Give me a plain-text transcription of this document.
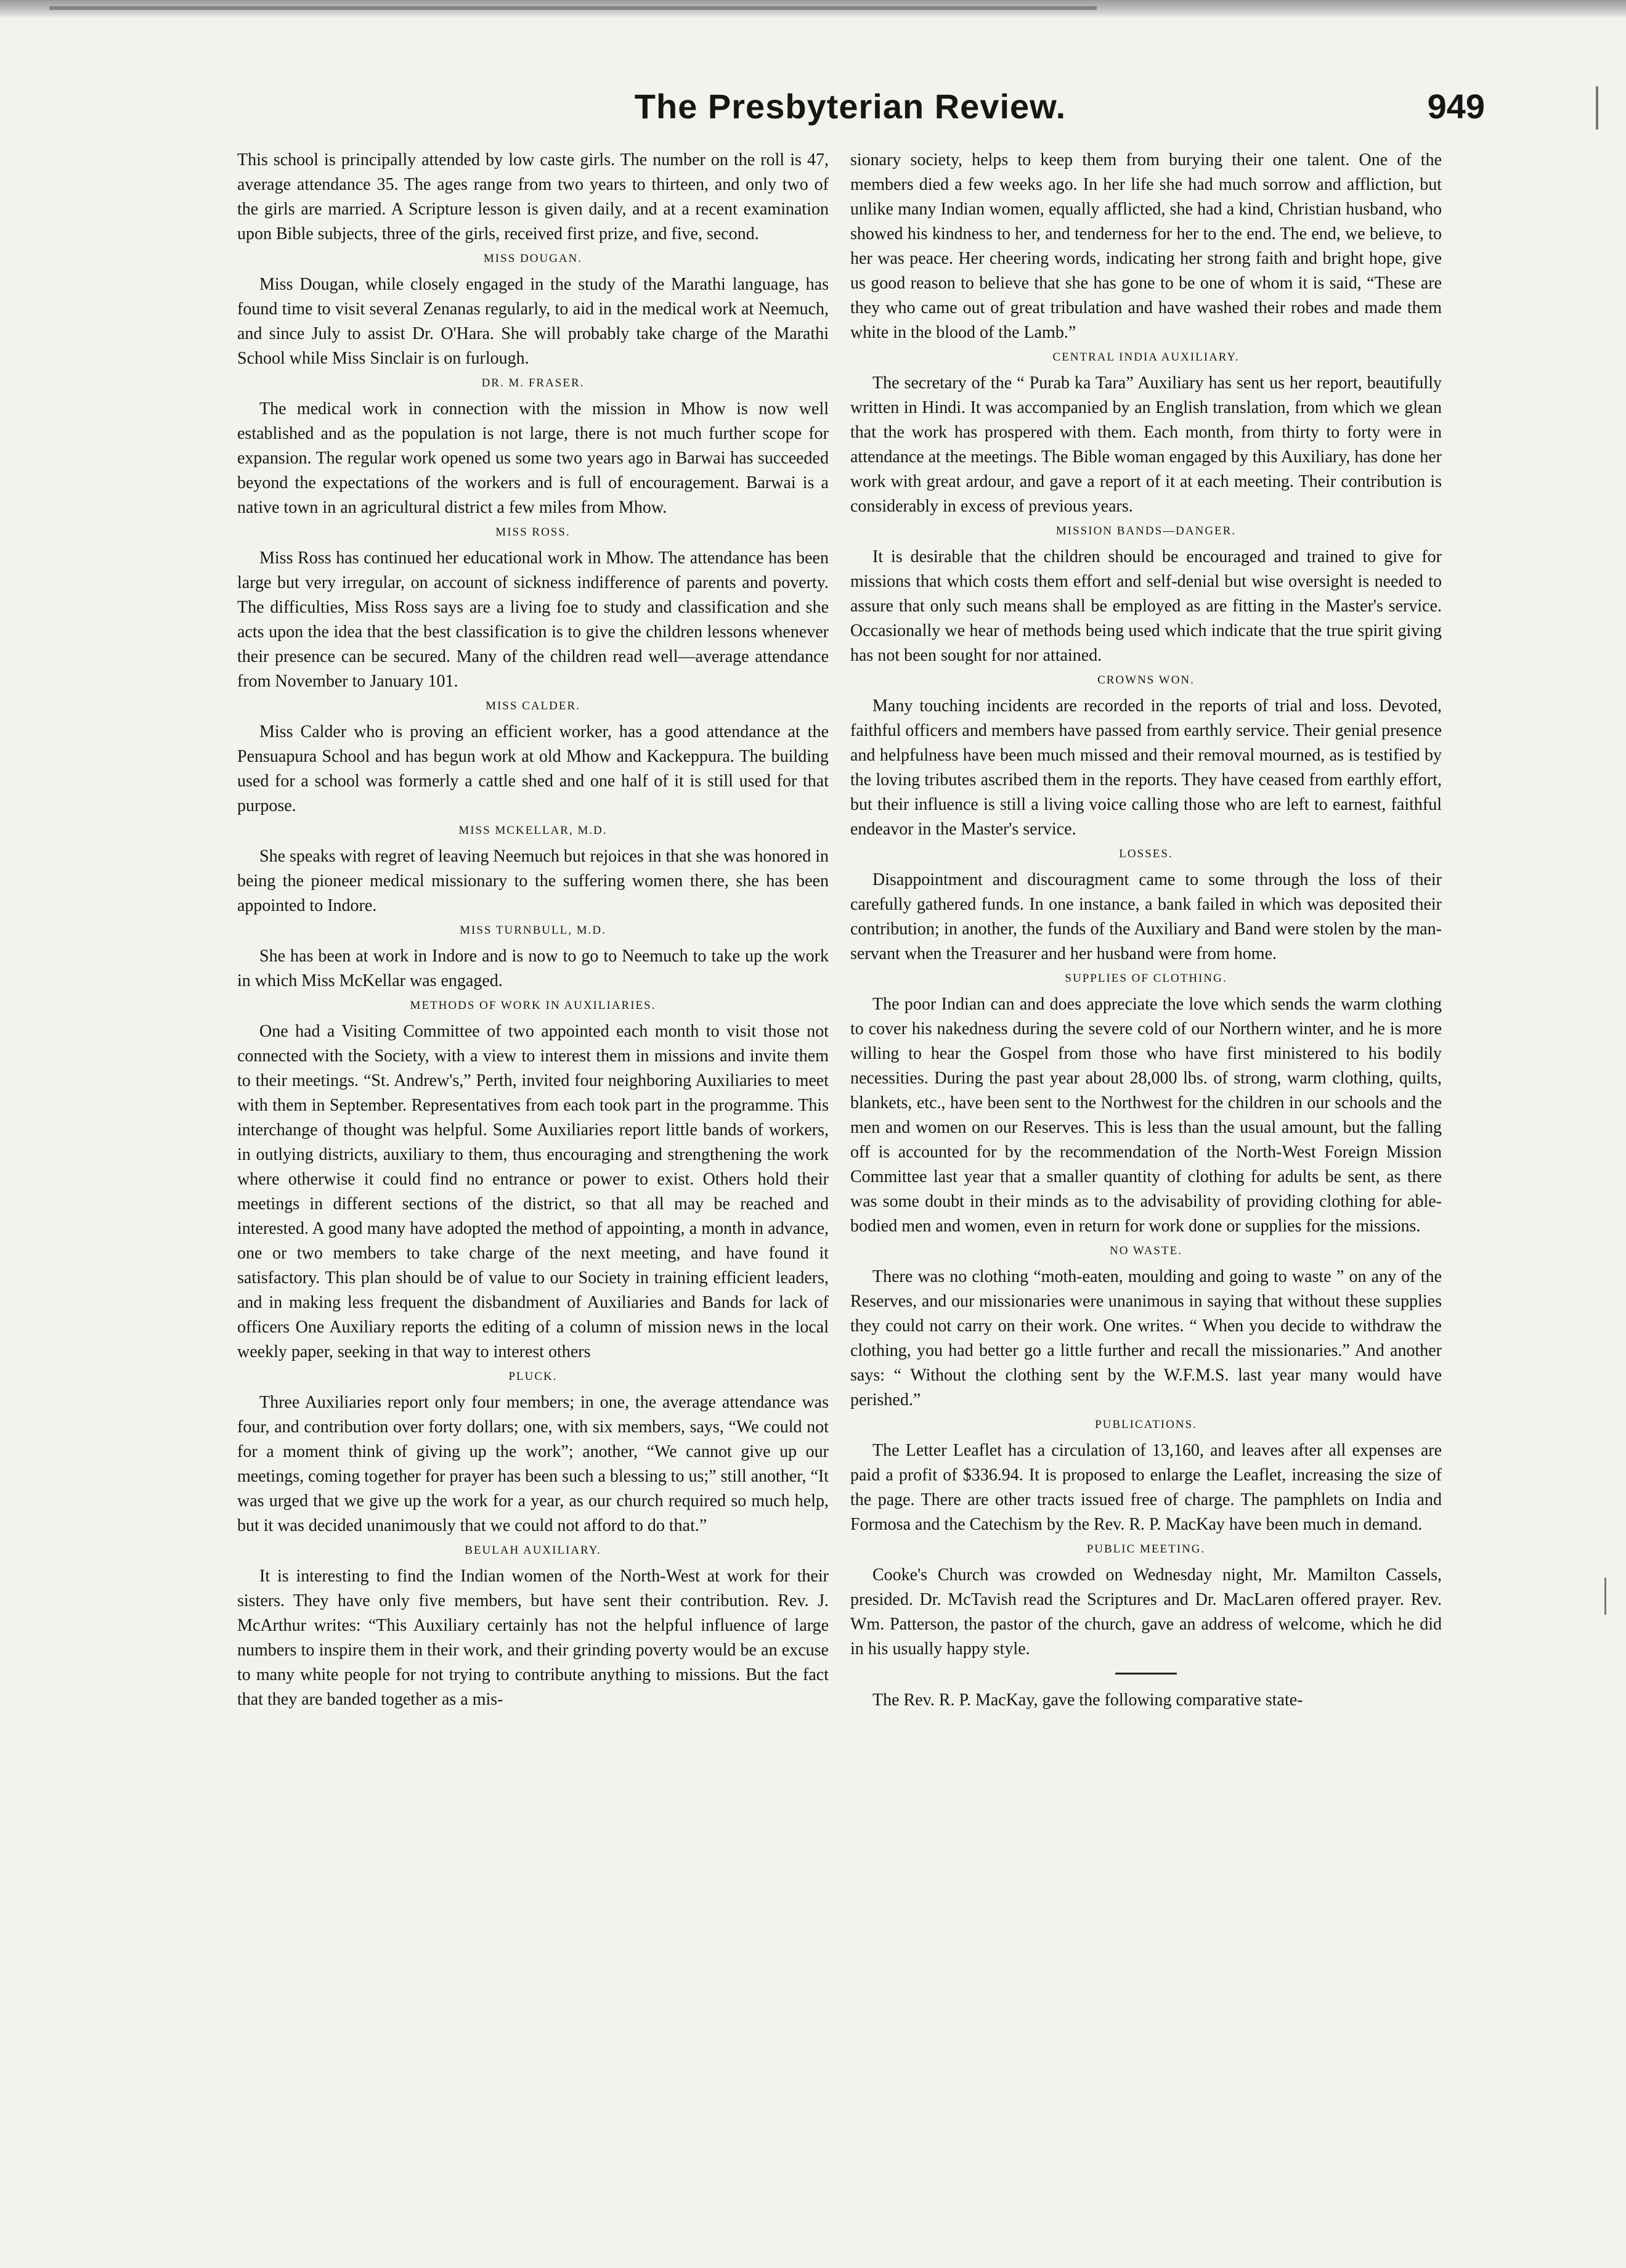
The Presbyterian Review.	949

This school is principally attended by low caste girls. The number on the roll is 47, average attendance 35. The ages range from two years to thirteen, and only two of the girls are married. A Scripture lesson is given daily, and at a recent examination upon Bible subjects, three of the girls, received first prize, and five, second.

MISS DOUGAN.

Miss Dougan, while closely engaged in the study of the Marathi language, has found time to visit several Zenanas regularly, to aid in the medical work at Neemuch, and since July to assist Dr. O'Hara. She will probably take charge of the Marathi School while Miss Sinclair is on furlough.

DR. M. FRASER.

The medical work in connection with the mission in Mhow is now well established and as the population is not large, there is not much further scope for expansion. The regular work opened us some two years ago in Barwai has succeeded beyond the expectations of the workers and is full of encouragement. Barwai is a native town in an agricultural district a few miles from Mhow.

MISS ROSS.

Miss Ross has continued her educational work in Mhow. The attendance has been large but very irregular, on account of sickness indifference of parents and poverty. The difficulties, Miss Ross says are a living foe to study and classification and she acts upon the idea that the best classification is to give the children lessons whenever their presence can be secured. Many of the children read well—average attendance from November to January 101.

MISS CALDER.

Miss Calder who is proving an efficient worker, has a good attendance at the Pensuapura School and has begun work at old Mhow and Kackeppura. The building used for a school was formerly a cattle shed and one half of it is still used for that purpose.

MISS MCKELLAR, M.D.

She speaks with regret of leaving Neemuch but rejoices in that she was honored in being the pioneer medical missionary to the suffering women there, she has been appointed to Indore.

MISS TURNBULL, M.D.

She has been at work in Indore and is now to go to Neemuch to take up the work in which Miss McKellar was engaged.

METHODS OF WORK IN AUXILIARIES.

One had a Visiting Committee of two appointed each month to visit those not connected with the Society, with a view to interest them in missions and invite them to their meetings. “St. Andrew's,” Perth, invited four neighboring Auxiliaries to meet with them in September. Representatives from each took part in the programme. This interchange of thought was helpful. Some Auxiliaries report little bands of workers, in outlying districts, auxiliary to them, thus encouraging and strengthening the work where otherwise it could find no entrance or power to exist. Others hold their meetings in different sections of the district, so that all may be reached and interested. A good many have adopted the method of appointing, a month in advance, one or two members to take charge of the next meeting, and have found it satisfactory. This plan should be of value to our Society in training efficient leaders, and in making less frequent the disbandment of Auxiliaries and Bands for lack of officers One Auxiliary reports the editing of a column of mission news in the local weekly paper, seeking in that way to interest others

PLUCK.

Three Auxiliaries report only four members; in one, the average attendance was four, and contribution over forty dollars; one, with six members, says, “We could not for a moment think of giving up the work”; another, “We cannot give up our meetings, coming together for prayer has been such a blessing to us;” still another, “It was urged that we give up the work for a year, as our church required so much help, but it was decided unanimously that we could not afford to do that.”

BEULAH AUXILIARY.

It is interesting to find the Indian women of the North-West at work for their sisters. They have only five members, but have sent their contribution. Rev. J. McArthur writes: “This Auxiliary certainly has not the helpful influence of large numbers to inspire them in their work, and their grinding poverty would be an excuse to many white people for not trying to contribute anything to missions. But the fact that they are banded together as a mis-

sionary society, helps to keep them from burying their one talent. One of the members died a few weeks ago. In her life she had much sorrow and affliction, but unlike many Indian women, equally afflicted, she had a kind, Christian husband, who showed his kindness to her, and tenderness for her to the end. The end, we believe, to her was peace. Her cheering words, indicating her strong faith and bright hope, give us good reason to believe that she has gone to be one of whom it is said, “These are they who came out of great tribulation and have washed their robes and made them white in the blood of the Lamb.”

CENTRAL INDIA AUXILIARY.

The secretary of the “ Purab ka Tara” Auxiliary has sent us her report, beautifully written in Hindi. It was accompanied by an English translation, from which we glean that the work has prospered with them. Each month, from thirty to forty were in attendance at the meetings. The Bible woman engaged by this Auxiliary, has done her work with great ardour, and gave a report of it at each meeting. Their contribution is considerably in excess of previous years.

MISSION BANDS—DANGER.

It is desirable that the children should be encouraged and trained to give for missions that which costs them effort and self-denial but wise oversight is needed to assure that only such means shall be employed as are fitting in the Master's service. Occasionally we hear of methods being used which indicate that the true spirit giving has not been sought for nor attained.

CROWNS WON.

Many touching incidents are recorded in the reports of trial and loss. Devoted, faithful officers and members have passed from earthly service. Their genial presence and helpfulness have been much missed and their removal mourned, as is testified by the loving tributes ascribed them in the reports. They have ceased from earthly effort, but their influence is still a living voice calling those who are left to earnest, faithful endeavor in the Master's service.

LOSSES.

Disappointment and discouragment came to some through the loss of their carefully gathered funds. In one instance, a bank failed in which was deposited their contribution; in another, the funds of the Auxiliary and Band were stolen by the man-servant when the Treasurer and her husband were from home.

SUPPLIES OF CLOTHING.

The poor Indian can and does appreciate the love which sends the warm clothing to cover his nakedness during the severe cold of our Northern winter, and he is more willing to hear the Gospel from those who have first ministered to his bodily necessities. During the past year about 28,000 lbs. of strong, warm clothing, quilts, blankets, etc., have been sent to the Northwest for the children in our schools and the men and women on our Reserves. This is less than the usual amount, but the falling off is accounted for by the recommendation of the North-West Foreign Mission Committee last year that a smaller quantity of clothing for adults be sent, as there was some doubt in their minds as to the advisability of providing clothing for able-bodied men and women, even in return for work done or supplies for the missions.

NO WASTE.

There was no clothing “moth-eaten, moulding and going to waste ” on any of the Reserves, and our missionaries were unanimous in saying that without these supplies they could not carry on their work. One writes. “ When you decide to withdraw the clothing, you had better go a little further and recall the missionaries.” And another says: “ Without the clothing sent by the W.F.M.S. last year many would have perished.”

PUBLICATIONS.

The Letter Leaflet has a circulation of 13,160, and leaves after all expenses are paid a profit of $336.94. It is proposed to enlarge the Leaflet, increasing the size of the page. There are other tracts issued free of charge. The pamphlets on India and Formosa and the Catechism by the Rev. R. P. MacKay have been much in demand.

PUBLIC MEETING.

Cooke's Church was crowded on Wednesday night, Mr. Mamilton Cassels, presided. Dr. McTavish read the Scriptures and Dr. MacLaren offered prayer. Rev. Wm. Patterson, the pastor of the church, gave an address of welcome, which he did in his usually happy style.

The Rev. R. P. MacKay, gave the following comparative state-
